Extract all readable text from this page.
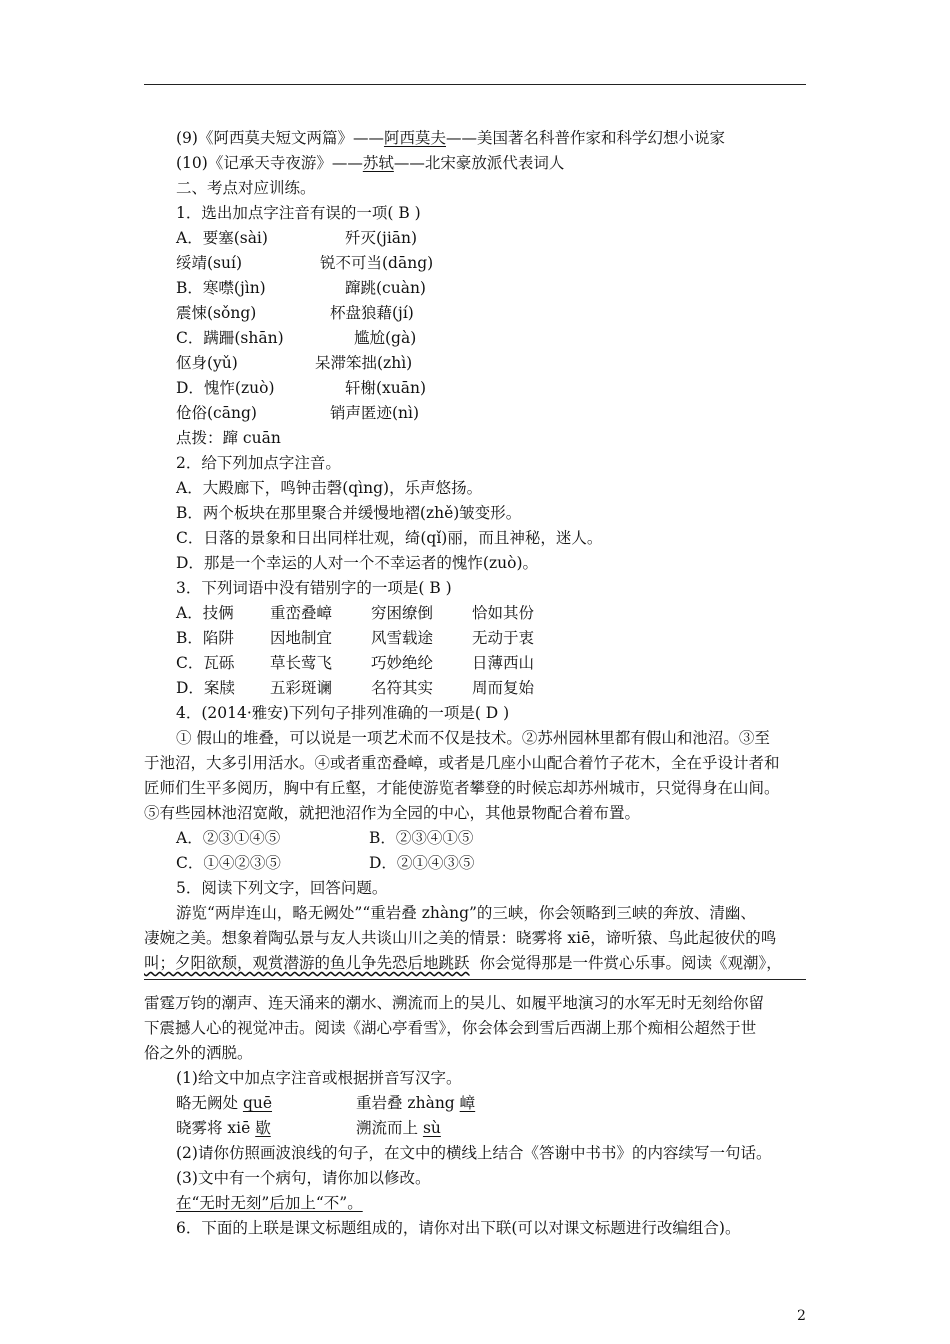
(9)《阿西莫夫短文两篇》——阿西莫夫——美国著名科普作家和科学幻想小说家
(10)《记承天寺夜游》——苏轼——北宋豪放派代表词人
二、考点对应训练。
1．选出加点字注音有误的一项( B )
A．要塞(sài)	歼灭(jiān)
绥靖(suí)	锐不可当(dāng)
B．寒噤(jìn)	蹿跳(cuàn)
震悚(sǒng)	杯盘狼藉(jí)
C．蹒跚(shān)	尴尬(gà)
伛身(yǔ)	呆滞笨拙(zhì)
D．愧怍(zuò)	轩榭(xuān)
伧俗(cāng)	销声匿迹(nì)
点拨：蹿 cuān
2．给下列加点字注音。
A．大殿廊下，鸣钟击磬(qìng)，乐声悠扬。
B．两个板块在那里聚合并缓慢地褶(zhě)皱变形。
C．日落的景象和日出同样壮观，绮(qǐ)丽，而且神秘，迷人。
D．那是一个幸运的人对一个不幸运者的愧怍(zuò)。
3．下列词语中没有错别字的一项是( B )
A．技俩 重峦叠嶂	穷困缭倒	恰如其份
B．陷阱 因地制宜	风雪载途	无动于衷
C．瓦砾 草长莺飞	巧妙绝纶	日薄西山
D．案牍 五彩斑谰	名符其实	周而复始
4．(2014·雅安)下列句子排列准确的一项是( D )
① 假山的堆叠，可以说是一项艺术而不仅是技术。②苏州园林里都有假山和池沼。③至
于池沼，大多引用活水。④或者重峦叠嶂，或者是几座小山配合着竹子花木，全在乎设计者和
匠师们生平多阅历，胸中有丘壑，才能使游览者攀登的时候忘却苏州城市，只觉得身在山间。
⑤有些园林池沼宽敞，就把池沼作为全园的中心，其他景物配合着布置。
A．②③①④⑤	B．②③④①⑤
C．①④②③⑤	D．②①④③⑤
5．阅读下列文字，回答问题。
游览“两岸连山，略无阙处”“重岩叠 zhàng”的三峡，你会领略到三峡的奔放、清幽、
凄婉之美。想象着陶弘景与友人共谈山川之美的情景：晓雾将 xiē，谛听猿、鸟此起彼伏的鸣
叫；夕阳欲颓，观赏潜游的鱼儿争先恐后地跳跃 你会觉得那是一件赏心乐事。阅读《观潮》，
雷霆万钧的潮声、连天涌来的潮水、溯流而上的吴儿、如履平地演习的水军无时无刻给你留
下震撼人心的视觉冲击。阅读《湖心亭看雪》，你会体会到雪后西湖上那个痴相公超然于世
俗之外的洒脱。
(1)给文中加点字注音或根据拼音写汉字。
略无阙处 quē	重岩叠 zhàng 嶂
晓雾将 xiē 歇	溯流而上 sù
(2)请你仿照画波浪线的句子，在文中的横线上结合《答谢中书书》的内容续写一句话。
(3)文中有一个病句，请你加以修改。
在“无时无刻”后加上“不”。
6．下面的上联是课文标题组成的，请你对出下联(可以对课文标题进行改编组合)。
2
